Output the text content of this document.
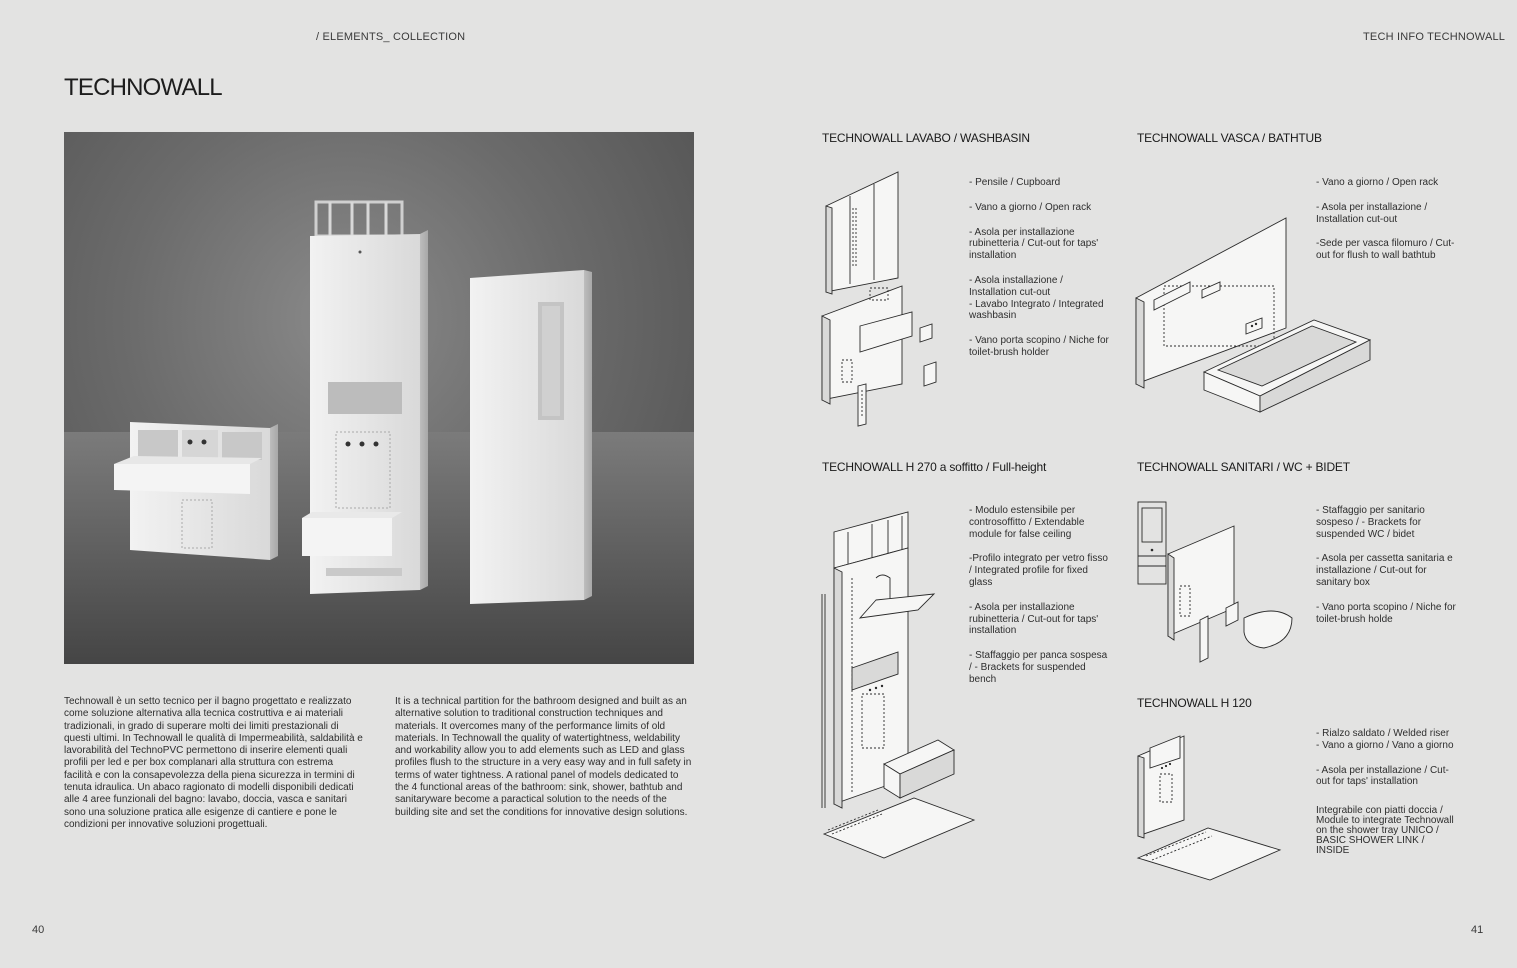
/ ELEMENTS_ COLLECTION
TECHNOWALL

Technowall è un setto tecnico per il bagno progettato e realizzato come soluzione alternativa alla tecnica costruttiva e ai materiali tradizionali, in grado di superare molti dei limiti prestazionali di questi ultimi. In Technowall le qualità di Impermeabilità, saldabilità e lavorabilità del TechnoPVC permettono di inserire elementi quali profili per led e per box complanari alla struttura con estrema facilità e con la consapevolezza della piena sicurezza in termini di tenuta idraulica. Un abaco ragionato di modelli disponibili dedicati alle 4 aree funzionali del bagno: lavabo, doccia, vasca e sanitari sono una soluzione pratica alle esigenze di cantiere e pone le condizioni per innovative soluzioni progettuali.

It is a technical partition for the bathroom designed and built as an alternative solution to traditional construction techniques and materials. It overcomes many of the performance limits of old materials. In Technowall the quality of watertightness, weldability and workability allow you to add elements such as LED and glass profiles flush to the structure in a very easy way and in full safety in terms of water tightness. A rational panel of models dedicated to the 4 functional areas of the bathroom: sink, shower, bathtub and sanitaryware become a paractical solution to the needs of the building site and set the conditions for innovative design solutions.

40
TECH INFO TECHNOWALL
TECHNOWALL LAVABO / WASHBASIN
- Pensile / Cupboard
- Vano a giorno / Open rack
- Asola per installazione rubinetteria / Cut-out for taps' installation
- Asola installazione / Installation cut-out
- Lavabo Integrato / Integrated washbasin
- Vano porta scopino / Niche for toilet-brush holder
TECHNOWALL VASCA / BATHTUB
- Vano a giorno / Open rack
- Asola per installazione / Installation cut-out
-Sede per vasca filomuro / Cut-out for flush to wall bathtub
TECHNOWALL H 270 a soffitto / Full-height
- Modulo estensibile per controsoffitto / Extendable module for false ceiling
-Profilo integrato per vetro fisso / Integrated profile for fixed glass
- Asola per installazione rubinetteria / Cut-out for taps' installation
- Staffaggio per panca sospesa / - Brackets for suspended bench
TECHNOWALL SANITARI / WC + BIDET
- Staffaggio per sanitario sospeso / - Brackets for suspended WC / bidet
- Asola per cassetta sanitaria e installazione / Cut-out for sanitary box
- Vano porta scopino / Niche for toilet-brush holde
TECHNOWALL H 120
- Rialzo saldato / Welded riser
- Vano a giorno / Vano a giorno
- Asola per installazione / Cut-out for taps' installation
Integrabile con piatti doccia / Module to integrate Technowall on the shower tray UNICO / BASIC SHOWER LINK / INSIDE
41
